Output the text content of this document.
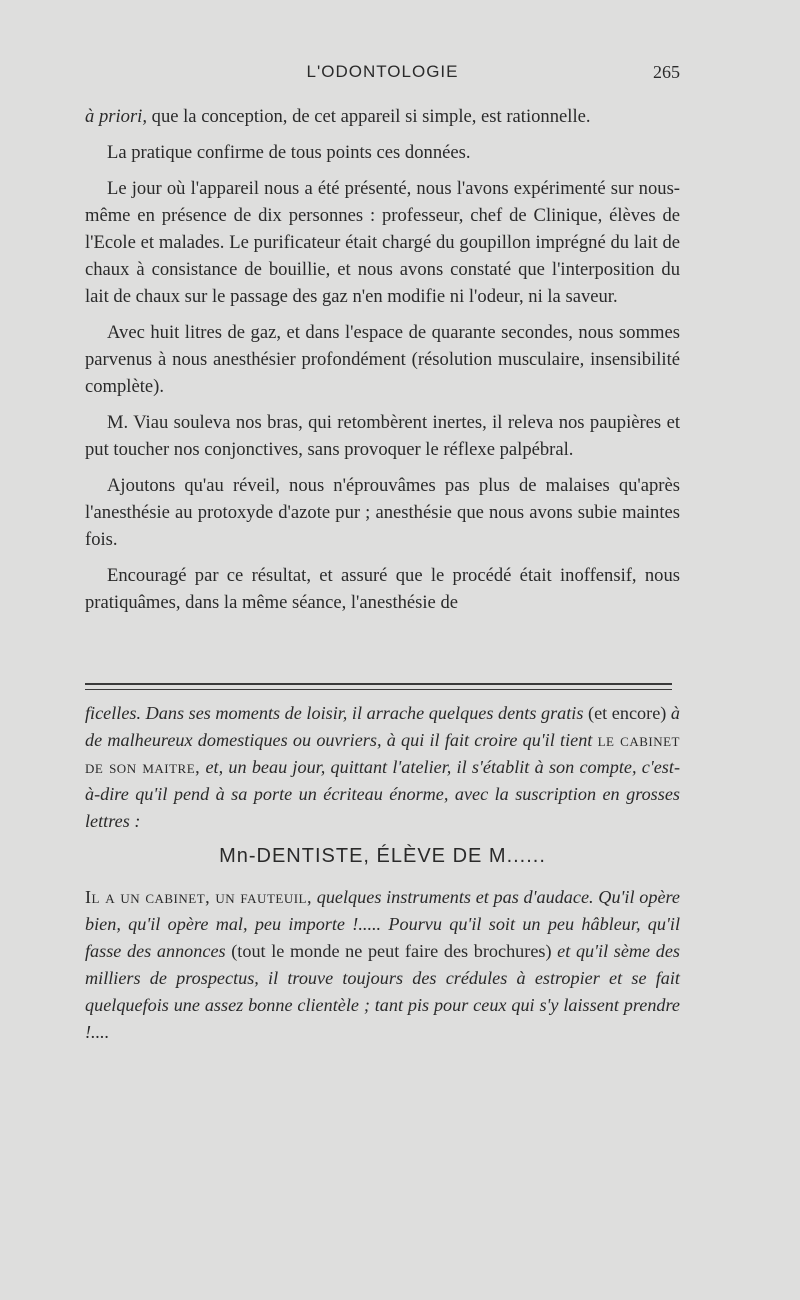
L'ODONTOLOGIE	265

à priori, que la conception, de cet appareil si simple, est rationnelle.

La pratique confirme de tous points ces données.

Le jour où l'appareil nous a été présenté, nous l'avons expérimenté sur nous-même en présence de dix personnes : professeur, chef de Clinique, élèves de l'Ecole et malades. Le purificateur était chargé du goupillon imprégné du lait de chaux à consistance de bouillie, et nous avons constaté que l'interposition du lait de chaux sur le passage des gaz n'en modifie ni l'odeur, ni la saveur.

Avec huit litres de gaz, et dans l'espace de quarante secondes, nous sommes parvenus à nous anesthésier profondément (résolution musculaire, insensibilité complète).

M. Viau souleva nos bras, qui retombèrent inertes, il releva nos paupières et put toucher nos conjonctives, sans provoquer le réflexe palpébral.

Ajoutons qu'au réveil, nous n'éprouvâmes pas plus de malaises qu'après l'anesthésie au protoxyde d'azote pur ; anesthésie que nous avons subie maintes fois.

Encouragé par ce résultat, et assuré que le procédé était inoffensif, nous pratiquâmes, dans la même séance, l'anesthésie de

ficelles. Dans ses moments de loisir, il arrache quelques dents gratis (et encore) à de malheureux domestiques ou ouvriers, à qui il fait croire qu'il tient le cabinet de son maitre, et, un beau jour, quittant l'atelier, il s'établit à son compte, c'est-à-dire qu'il pend à sa porte un écriteau énorme, avec la suscription en grosses lettres :

Mn-DENTISTE, ÉLÈVE DE M......

Il a un cabinet, un fauteuil, quelques instruments et pas d'audace. Qu'il opère bien, qu'il opère mal, peu importe !..... Pourvu qu'il soit un peu hâbleur, qu'il fasse des annonces (tout le monde ne peut faire des brochures) et qu'il sème des milliers de prospectus, il trouve toujours des crédules à estropier et se fait quelquefois une assez bonne clientèle ; tant pis pour ceux qui s'y laissent prendre !....
